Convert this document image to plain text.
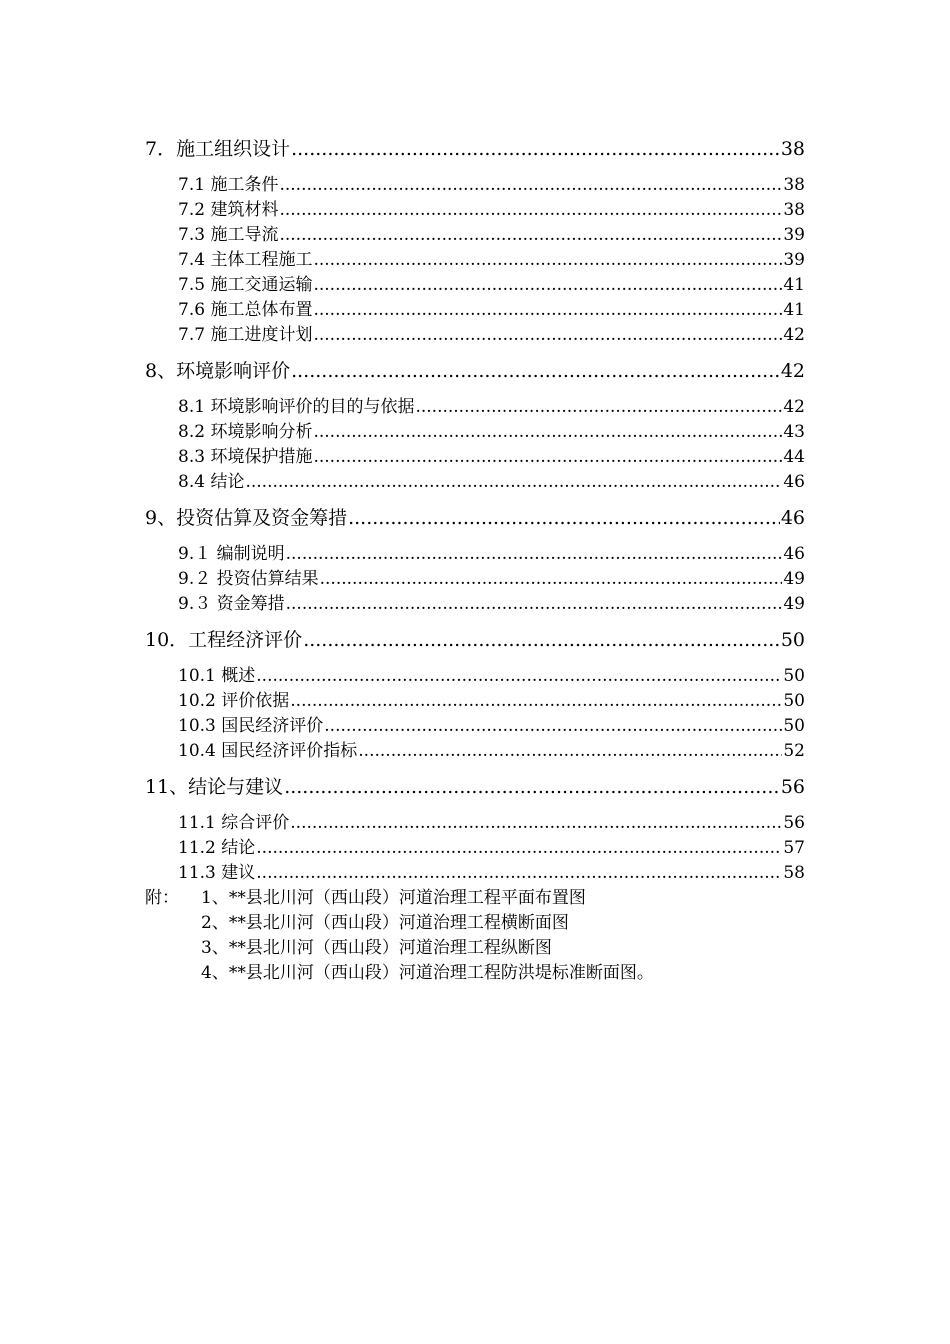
7．施工组织设计 .....	38
7.1 施工条件 .....	38
7.2 建筑材料 .....	38
7.3 施工导流 .....	39
7.4 主体工程施工 .....	39
7.5 施工交通运输 .....	41
7.6 施工总体布置 .....	41
7.7 施工进度计划 .....	42
8、环境影响评价 .....	42
8.1 环境影响评价的目的与依据 .....	42
8.2 环境影响分析 .....	43
8.3 环境保护措施 .....	44
8.4 结论 .....	46
9、投资估算及资金筹措 .....	46
9.１ 编制说明 .....	46
9.２ 投资估算结果 .....	49
9.３ 资金筹措 .....	49
10．工程经济评价 .....	50
10.1 概述 .....	50
10.2 评价依据 .....	50
10.3 国民经济评价 .....	50
10.4 国民经济评价指标 .....	52
11、结论与建议 .....	56
11.1 综合评价 .....	56
11.2 结论 .....	57
11.3 建议 .....	58
附：	1、**县北川河（西山段）河道治理工程平面布置图
2、**县北川河（西山段）河道治理工程横断面图
3、**县北川河（西山段）河道治理工程纵断图
4、**县北川河（西山段）河道治理工程防洪堤标准断面图。
